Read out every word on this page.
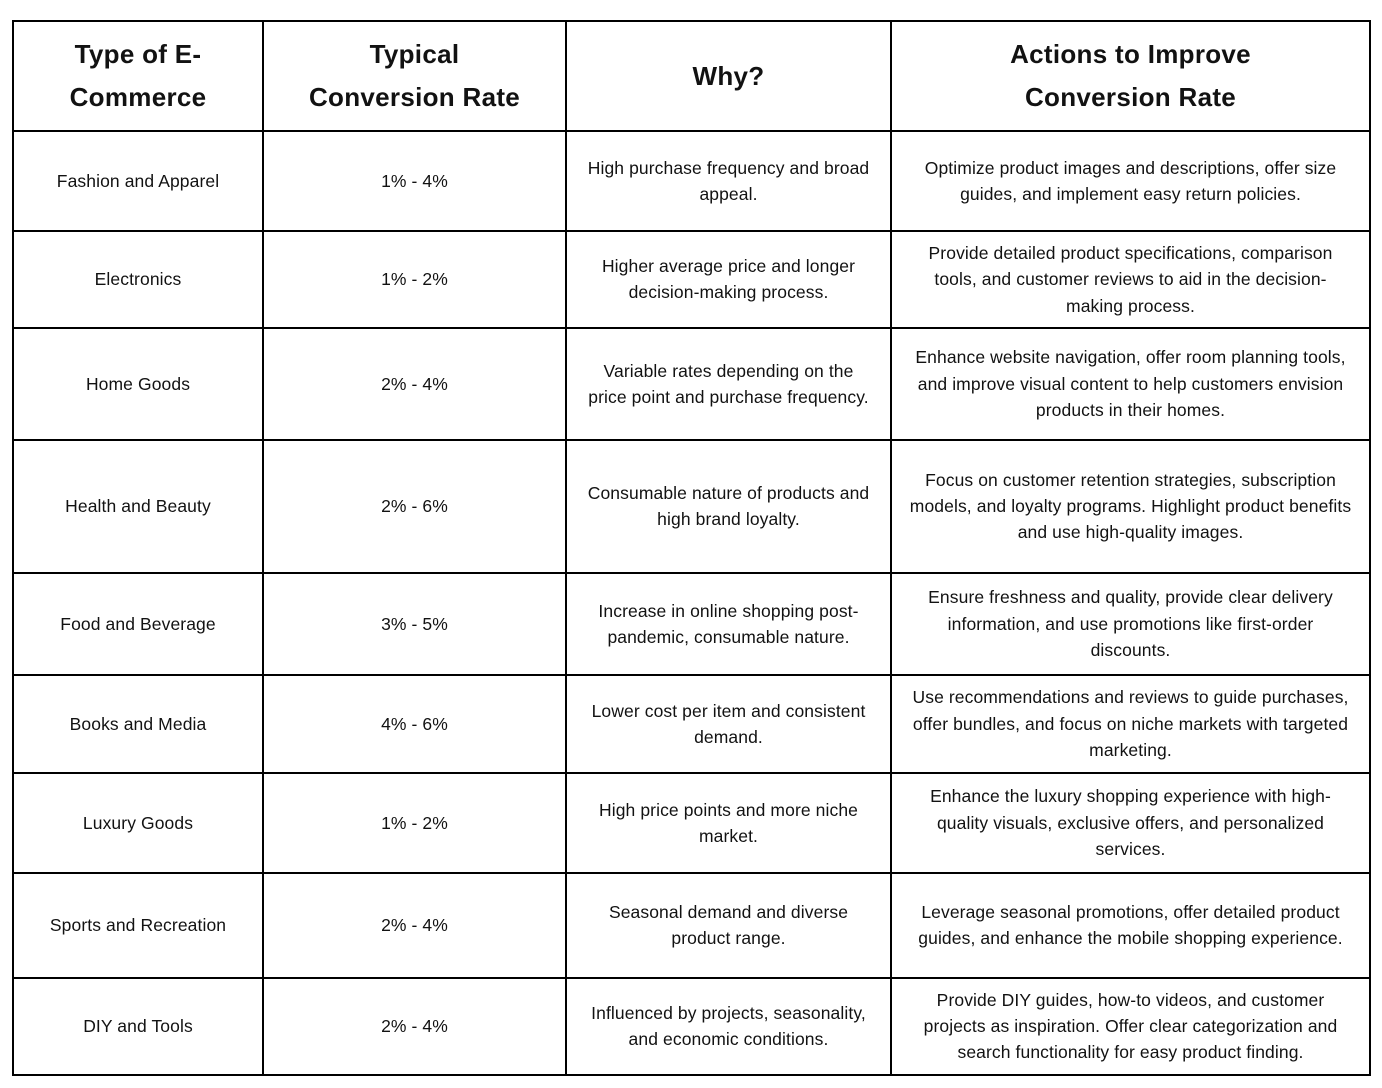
Type of E-Commerce	Typical Conversion Rate	Why?	Actions to Improve Conversion Rate
Fashion and Apparel	1% - 4%	High purchase frequency and broad appeal.	Optimize product images and descriptions, offer size guides, and implement easy return policies.
Electronics	1% - 2%	Higher average price and longer decision-making process.	Provide detailed product specifications, comparison tools, and customer reviews to aid in the decision-making process.
Home Goods	2% - 4%	Variable rates depending on the price point and purchase frequency.	Enhance website navigation, offer room planning tools, and improve visual content to help customers envision products in their homes.
Health and Beauty	2% - 6%	Consumable nature of products and high brand loyalty.	Focus on customer retention strategies, subscription models, and loyalty programs. Highlight product benefits and use high-quality images.
Food and Beverage	3% - 5%	Increase in online shopping post-pandemic, consumable nature.	Ensure freshness and quality, provide clear delivery information, and use promotions like first-order discounts.
Books and Media	4% - 6%	Lower cost per item and consistent demand.	Use recommendations and reviews to guide purchases, offer bundles, and focus on niche markets with targeted marketing.
Luxury Goods	1% - 2%	High price points and more niche market.	Enhance the luxury shopping experience with high-quality visuals, exclusive offers, and personalized services.
Sports and Recreation	2% - 4%	Seasonal demand and diverse product range.	Leverage seasonal promotions, offer detailed product guides, and enhance the mobile shopping experience.
DIY and Tools	2% - 4%	Influenced by projects, seasonality, and economic conditions.	Provide DIY guides, how-to videos, and customer projects as inspiration. Offer clear categorization and search functionality for easy product finding.
